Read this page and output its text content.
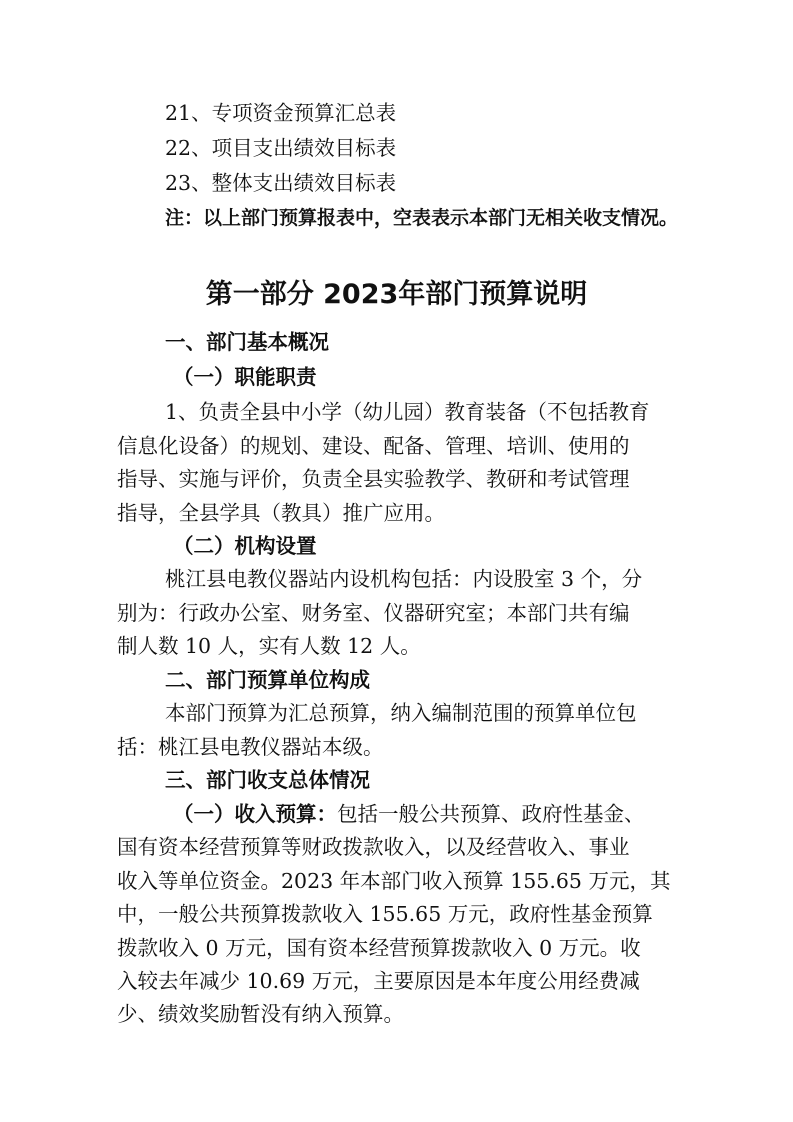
21、专项资金预算汇总表
22、项目支出绩效目标表
23、整体支出绩效目标表
注：以上部门预算报表中，空表表示本部门无相关收支情况。
第一部分 2023年部门预算说明
一、部门基本概况
（一）职能职责
1、负责全县中小学（幼儿园）教育装备（不包括教育
信息化设备）的规划、建设、配备、管理、培训、使用的
指导、实施与评价，负责全县实验教学、教研和考试管理
指导，全县学具（教具）推广应用。
（二）机构设置
桃江县电教仪器站内设机构包括：内设股室 3 个，分
别为：行政办公室、财务室、仪器研究室；本部门共有编
制人数 10 人，实有人数 12 人。
二、部门预算单位构成
本部门预算为汇总预算，纳入编制范围的预算单位包
括：桃江县电教仪器站本级。
三、部门收支总体情况
（一）收入预算：包括一般公共预算、政府性基金、
国有资本经营预算等财政拨款收入，以及经营收入、事业
收入等单位资金。2023 年本部门收入预算 155.65 万元，其
中，一般公共预算拨款收入 155.65 万元，政府性基金预算
拨款收入 0 万元，国有资本经营预算拨款收入 0 万元。收
入较去年减少 10.69 万元，主要原因是本年度公用经费减
少、绩效奖励暂没有纳入预算。
